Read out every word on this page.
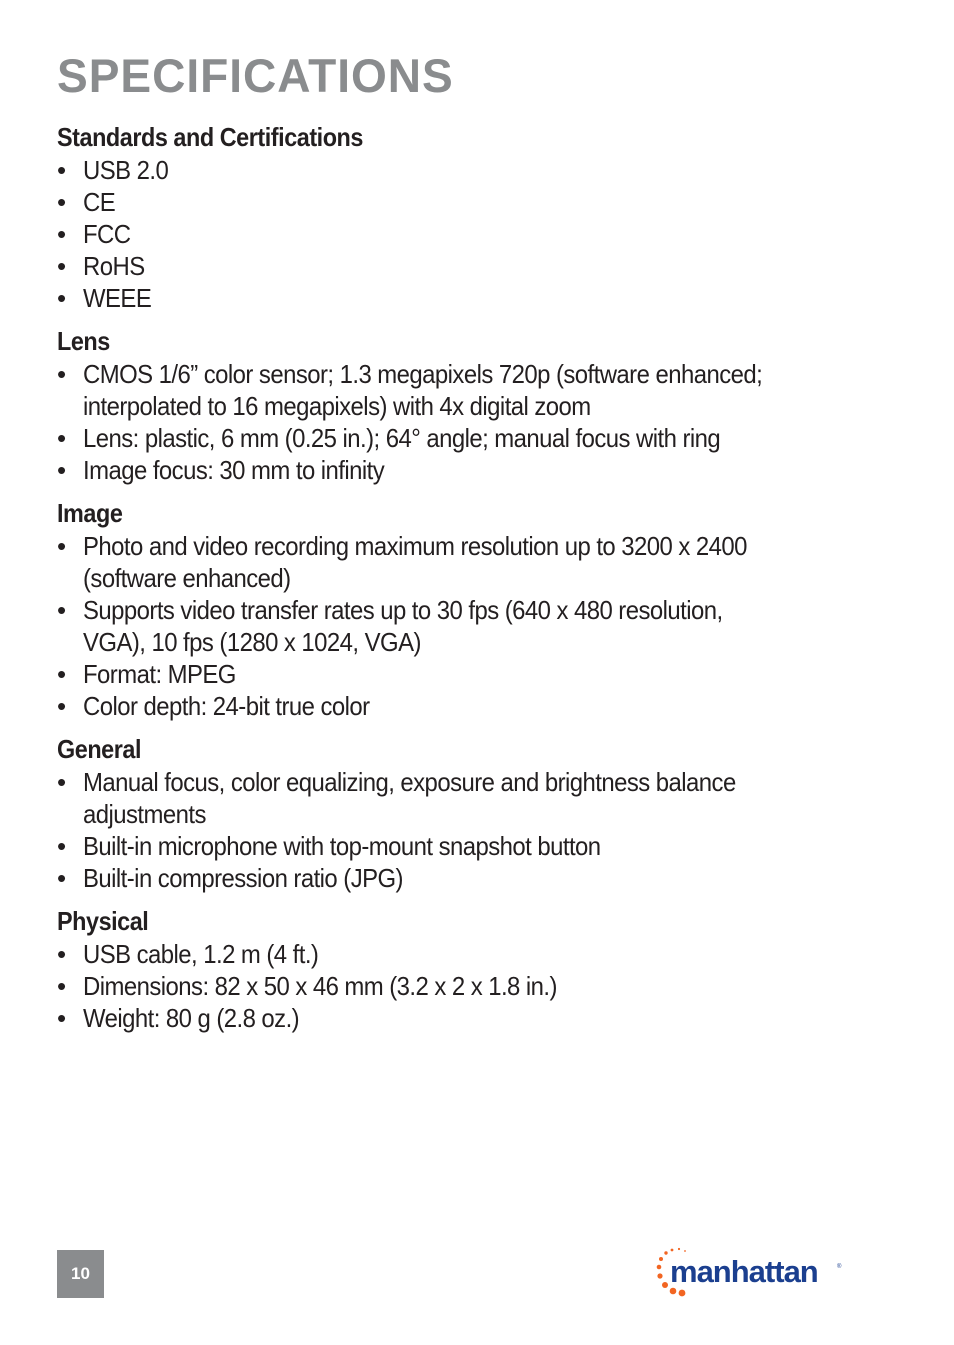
SPECIFICATIONS
Standards and Certifications
• USB 2.0
• CE
• FCC
• RoHS
• WEEE
Lens
• CMOS 1/6” color sensor; 1.3 megapixels 720p (software enhanced;
interpolated to 16 megapixels) with 4x digital zoom
• Lens: plastic, 6 mm (0.25 in.); 64° angle; manual focus with ring
• Image focus: 30 mm to infinity
Image
• Photo and video recording maximum resolution up to 3200 x 2400
(software enhanced)
• Supports video transfer rates up to 30 fps (640 x 480 resolution,
VGA), 10 fps (1280 x 1024, VGA)
• Format: MPEG
• Color depth: 24-bit true color
General
• Manual focus, color equalizing, exposure and brightness balance
adjustments
• Built-in microphone with top-mount snapshot button
• Built-in compression ratio (JPG)
Physical
• USB cable, 1.2 m (4 ft.)
• Dimensions: 82 x 50 x 46 mm (3.2 x 2 x 1.8 in.)
• Weight: 80 g (2.8 oz.)
10	manhattan	®
